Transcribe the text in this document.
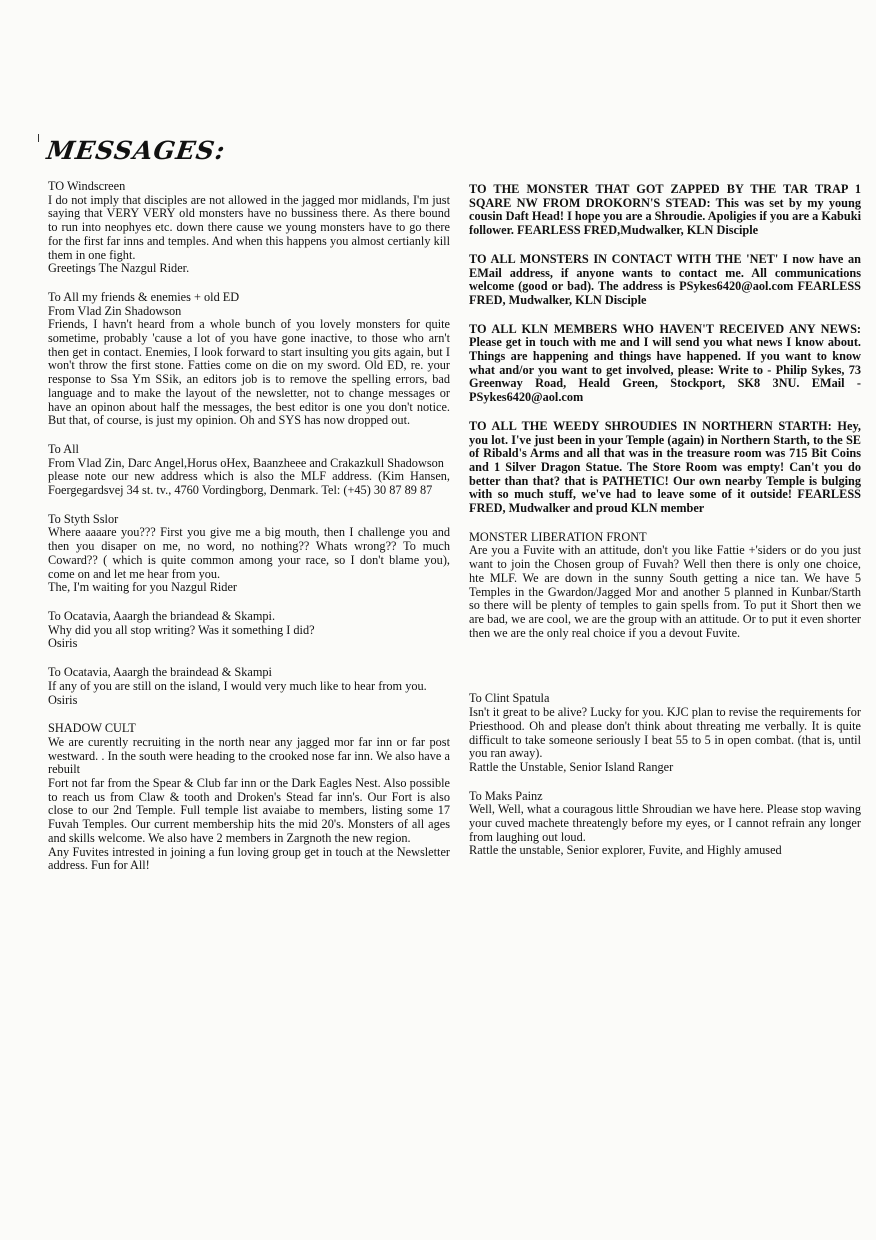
MESSAGES:

TO Windscreen

I do not imply that disciples are not allowed in the jagged mor midlands, I'm just saying that VERY VERY old monsters have no bussiness there. As there bound to run into neophyes etc. down there cause we young monsters have to go there for the first far inns and temples. And when this happens you almost certianly kill them in one fight.

Greetings The Nazgul Rider.

To All my friends & enemies + old ED

From Vlad Zin Shadowson

Friends, I havn't heard from a whole bunch of you lovely monsters for quite sometime, probably 'cause a lot of you have gone inactive, to those who arn't then get in contact. Enemies, I look forward to start insulting you gits again, but I won't throw the first stone. Fatties come on die on my sword. Old ED, re. your response to Ssa Ym SSik, an editors job is to remove the spelling errors, bad language and to make the layout of the newsletter, not to change messages or have an opinon about half the messages, the best editor is one you don't notice. But that, of course, is just my opinion. Oh and SYS has now dropped out.

To All

From Vlad Zin, Darc Angel,Horus oHex, Baanzheee and Crakazkull Shadowson

please note our new address which is also the MLF address. (Kim Hansen, Foergegardsvej 34 st. tv., 4760 Vordingborg, Denmark. Tel: (+45) 30 87 89 87

To Styth Sslor

Where aaaare you??? First you give me a big mouth, then I challenge you and then you disaper on me, no word, no nothing?? Whats wrong?? To much Coward?? ( which is quite common among your race, so I don't blame you), come on and let me hear from you.

The, I'm waiting for you Nazgul Rider

To Ocatavia, Aaargh the briandead & Skampi.

Why did you all stop writing? Was it something I did?

Osiris

To Ocatavia, Aaargh the braindead & Skampi

If any of you are still on the island, I would very much like to hear from you.

Osiris

SHADOW CULT

We are curently recruiting in the north near any jagged mor far inn or far post westward. . In the south were heading to the crooked nose far inn. We also have a rebuilt

Fort not far from the Spear & Club far inn or the Dark Eagles Nest. Also possible to reach us from Claw & tooth and Droken's Stead far inn's. Our Fort is also close to our 2nd Temple. Full temple list avaiabe to members, listing some 17 Fuvah Temples. Our current membership hits the mid 20's. Monsters of all ages and skills welcome. We also have 2 members in Zargnoth the new region.

Any Fuvites intrested in joining a fun loving group get in touch at the Newsletter address. Fun for All!

TO THE MONSTER THAT GOT ZAPPED BY THE TAR TRAP 1 SQARE NW FROM DROKORN'S STEAD: This was set by my young cousin Daft Head! I hope you are a Shroudie. Apoligies if you are a Kabuki follower. FEARLESS FRED,Mudwalker, KLN Disciple

TO ALL MONSTERS IN CONTACT WITH THE 'NET' I now have an EMail address, if anyone wants to contact me. All communications welcome (good or bad). The address is PSykes6420@aol.com FEARLESS FRED, Mudwalker, KLN Disciple

TO ALL KLN MEMBERS WHO HAVEN'T RECEIVED ANY NEWS: Please get in touch with me and I will send you what news I know about. Things are happening and things have happened. If you want to know what and/or you want to get involved, please: Write to - Philip Sykes, 73 Greenway Road, Heald Green, Stockport, SK8 3NU. EMail - PSykes6420@aol.com

TO ALL THE WEEDY SHROUDIES IN NORTHERN STARTH: Hey, you lot. I've just been in your Temple (again) in Northern Starth, to the SE of Ribald's Arms and all that was in the treasure room was 715 Bit Coins and 1 Silver Dragon Statue. The Store Room was empty! Can't you do better than that? that is PATHETIC! Our own nearby Temple is bulging with so much stuff, we've had to leave some of it outside! FEARLESS FRED, Mudwalker and proud KLN member

MONSTER LIBERATION FRONT

Are you a Fuvite with an attitude, don't you like Fattie +'siders or do you just want to join the Chosen group of Fuvah? Well then there is only one choice, hte MLF. We are down in the sunny South getting a nice tan. We have 5 Temples in the Gwardon/Jagged Mor and another 5 planned in Kunbar/Starth so there will be plenty of temples to gain spells from. To put it Short then we are bad, we are cool, we are the group with an attitude. Or to put it even shorter then we are the only real choice if you a devout Fuvite.

To Clint Spatula

Isn't it great to be alive? Lucky for you. KJC plan to revise the requirements for Priesthood. Oh and please don't think about threating me verbally. It is quite difficult to take someone seriously I beat 55 to 5 in open combat. (that is, until you ran away).

Rattle the Unstable, Senior Island Ranger

To Maks Painz

Well, Well, what a couragous little Shroudian we have here. Please stop waving your cuved machete threatengly before my eyes, or I cannot refrain any longer from laughing out loud.

Rattle the unstable, Senior explorer, Fuvite, and Highly amused
